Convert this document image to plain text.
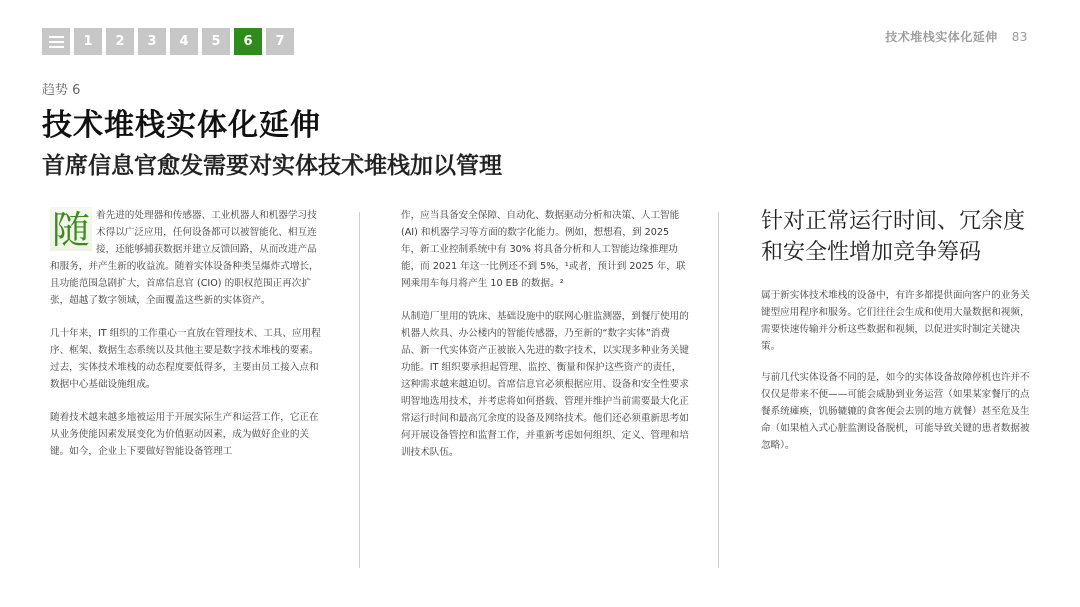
1	2	3	4	5	6	7	技术堆栈实体化延伸 83
趋势 6
技术堆栈实体化延伸
首席信息官愈发需要对实体技术堆栈加以管理

随 着先进的处理器和传感器、工业机器人和机器学习技术得以广泛应用，任何设备都可以被智能化、相互连接，还能够捕获数据并建立反馈回路，从而改进产品和服务，并产生新的收益流。随着实体设备种类呈爆炸式增长，且功能范围急剧扩大，首席信息官 (CIO) 的职权范围正再次扩张，超越了数字领域，全面覆盖这些新的实体资产。

几十年来，IT 组织的工作重心一直放在管理技术、工具、应用程序、框架、数据生态系统以及其他主要是数字技术堆栈的要素。过去，实体技术堆栈的动态程度要低得多，主要由员工接入点和数据中心基础设施组成。

随着技术越来越多地被运用于开展实际生产和运营工作，它正在从业务使能因素发展变化为价值驱动因素，成为做好企业的关键。如今，企业上下要做好智能设备管理工

作，应当具备安全保障、自动化、数据驱动分析和决策、人工智能 (AI) 和机器学习等方面的数字化能力。例如，想想看，到 2025 年，新工业控制系统中有 30% 将具备分析和人工智能边缘推理功能，而 2021 年这一比例还不到 5%，¹或者，预计到 2025 年，联网乘用车每月将产生 10 EB 的数据。²

从制造厂里用的铣床、基础设施中的联网心脏监测器，到餐厅使用的机器人炊具、办公楼内的智能传感器，乃至新的“数字实体”消费品、新一代实体资产正被嵌入先进的数字技术，以实现多种业务关键功能。IT 组织要承担起管理、监控、衡量和保护这些资产的责任，这种需求越来越迫切。首席信息官必须根据应用、设备和安全性要求明智地选用技术，并考虑将如何搭载、管理并维护当前需要最大化正常运行时间和最高冗余度的设备及网络技术。他们还必须重新思考如何开展设备管控和监督工作，并重新考虑如何组织、定义、管理和培训技术队伍。

针对正常运行时间、冗余度和安全性增加竞争筹码

属于新实体技术堆栈的设备中，有许多都提供面向客户的业务关键型应用程序和服务。它们往往会生成和使用大量数据和视频，需要快速传输并分析这些数据和视频，以促进实时制定关键决策。

与前几代实体设备不同的是，如今的实体设备故障停机也许并不仅仅是带来不便——可能会威胁到业务运营（如果某家餐厅的点餐系统瘫痪，饥肠辘辘的食客便会去别的地方就餐）甚至危及生命（如果植入式心脏监测设备脱机，可能导致关键的患者数据被忽略）。
